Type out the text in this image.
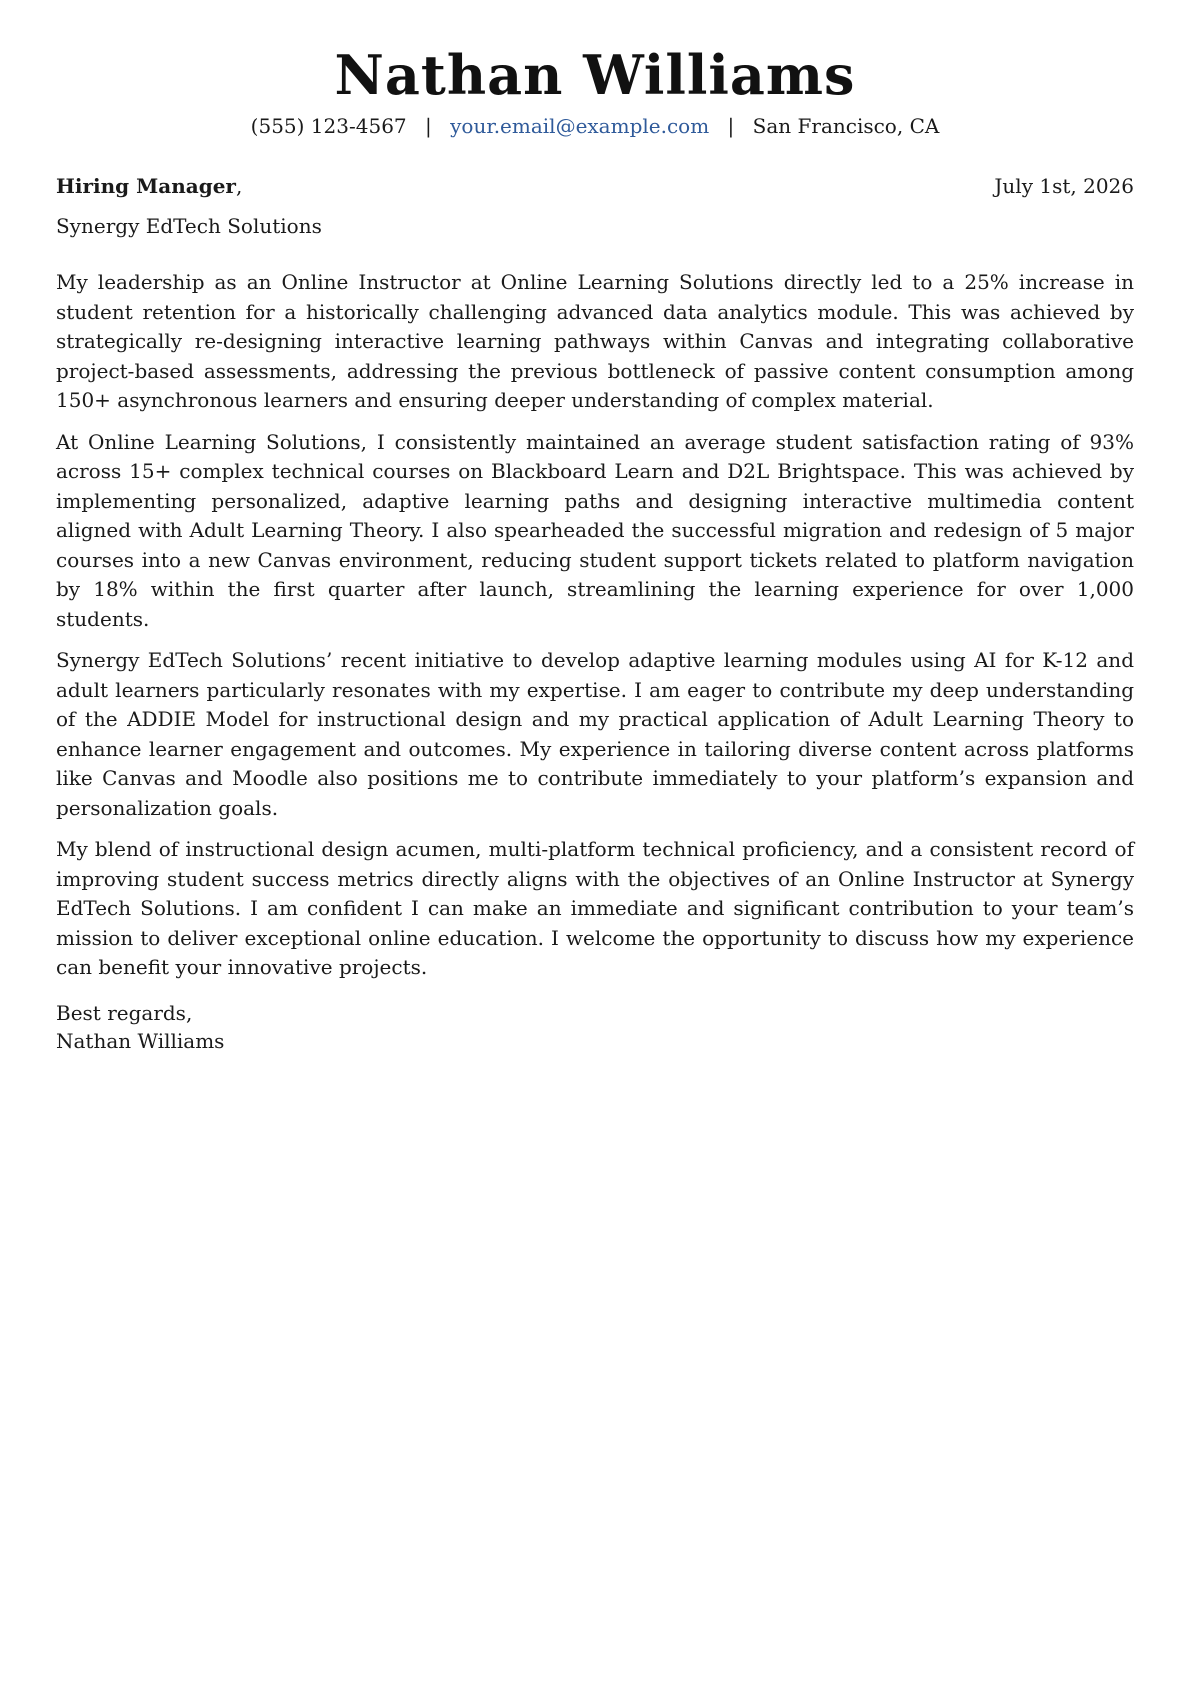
Nathan Williams
(555) 123-4567 | your.email@example.com | San Francisco, CA
Hiring Manager,	July 1st, 2026
Synergy EdTech Solutions

My leadership as an Online Instructor at Online Learning Solutions directly led to a 25% increase in student retention for a historically challenging advanced data analytics module. This was achieved by strategically re-designing interactive learning pathways within Canvas and integrating collaborative project-based assessments, addressing the previous bottleneck of passive content consumption among 150+ asynchronous learners and ensuring deeper understanding of complex material.

At Online Learning Solutions, I consistently maintained an average student satisfaction rating of 93% across 15+ complex technical courses on Blackboard Learn and D2L Brightspace. This was achieved by implementing personalized, adaptive learning paths and designing interactive multimedia content aligned with Adult Learning Theory. I also spearheaded the successful migration and redesign of 5 major courses into a new Canvas environment, reducing student support tickets related to platform navigation by 18% within the first quarter after launch, streamlining the learning experience for over 1,000 students.

Synergy EdTech Solutions’ recent initiative to develop adaptive learning modules using AI for K-12 and adult learners particularly resonates with my expertise. I am eager to contribute my deep understanding of the ADDIE Model for instructional design and my practical application of Adult Learning Theory to enhance learner engagement and outcomes. My experience in tailoring diverse content across platforms like Canvas and Moodle also positions me to contribute immediately to your platform’s expansion and personalization goals.

My blend of instructional design acumen, multi-platform technical proficiency, and a consistent record of improving student success metrics directly aligns with the objectives of an Online Instructor at Synergy EdTech Solutions. I am confident I can make an immediate and significant contribution to your team’s mission to deliver exceptional online education. I welcome the opportunity to discuss how my experience can benefit your innovative projects.

Best regards,
Nathan Williams
